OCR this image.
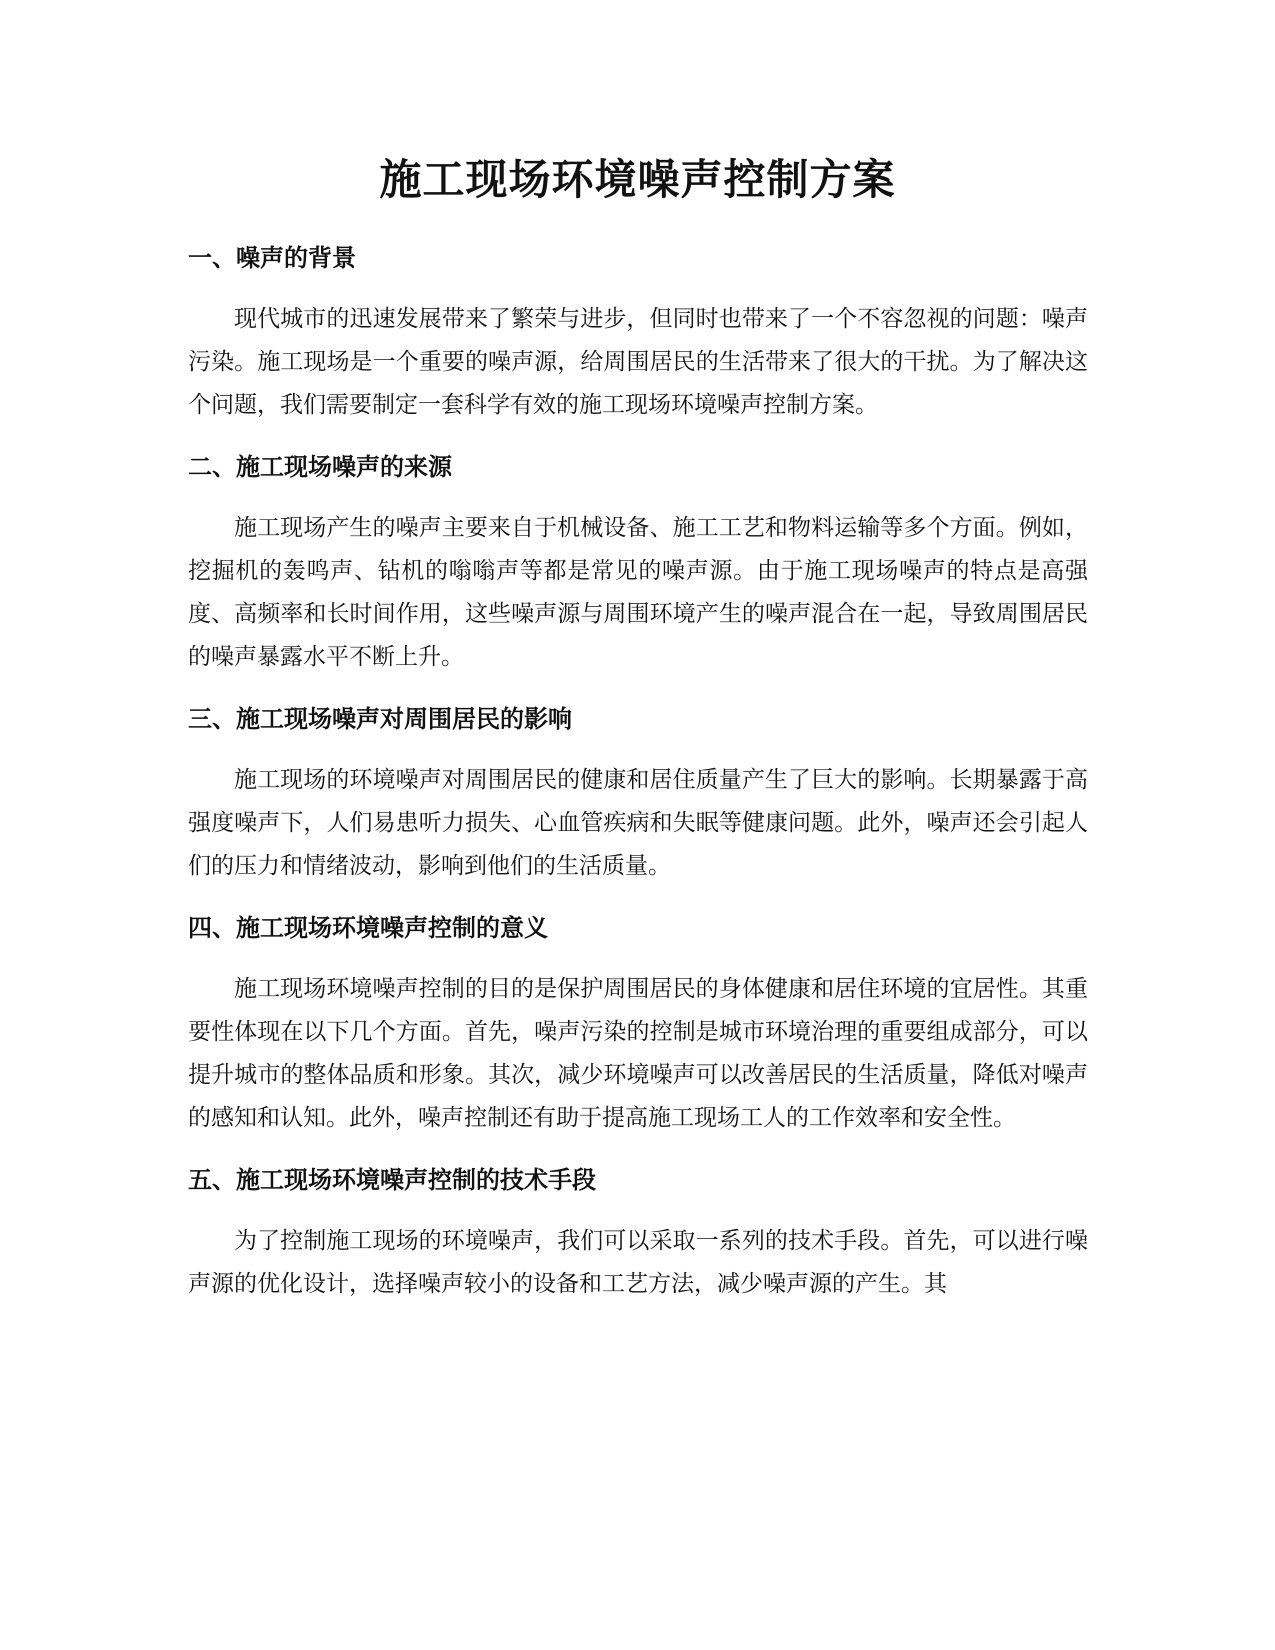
施工现场环境噪声控制方案
一、噪声的背景

现代城市的迅速发展带来了繁荣与进步，但同时也带来了一个不容忽视的问题：噪声污染。施工现场是一个重要的噪声源，给周围居民的生活带来了很大的干扰。为了解决这个问题，我们需要制定一套科学有效的施工现场环境噪声控制方案。

二、施工现场噪声的来源

施工现场产生的噪声主要来自于机械设备、施工工艺和物料运输等多个方面。例如，挖掘机的轰鸣声、钻机的嗡嗡声等都是常见的噪声源。由于施工现场噪声的特点是高强度、高频率和长时间作用，这些噪声源与周围环境产生的噪声混合在一起，导致周围居民的噪声暴露水平不断上升。

三、施工现场噪声对周围居民的影响

施工现场的环境噪声对周围居民的健康和居住质量产生了巨大的影响。长期暴露于高强度噪声下，人们易患听力损失、心血管疾病和失眠等健康问题。此外，噪声还会引起人们的压力和情绪波动，影响到他们的生活质量。

四、施工现场环境噪声控制的意义

施工现场环境噪声控制的目的是保护周围居民的身体健康和居住环境的宜居性。其重要性体现在以下几个方面。首先，噪声污染的控制是城市环境治理的重要组成部分，可以提升城市的整体品质和形象。其次，减少环境噪声可以改善居民的生活质量，降低对噪声的感知和认知。此外，噪声控制还有助于提高施工现场工人的工作效率和安全性。

五、施工现场环境噪声控制的技术手段

为了控制施工现场的环境噪声，我们可以采取一系列的技术手段。首先，可以进行噪声源的优化设计，选择噪声较小的设备和工艺方法，减少噪声源的产生。其
